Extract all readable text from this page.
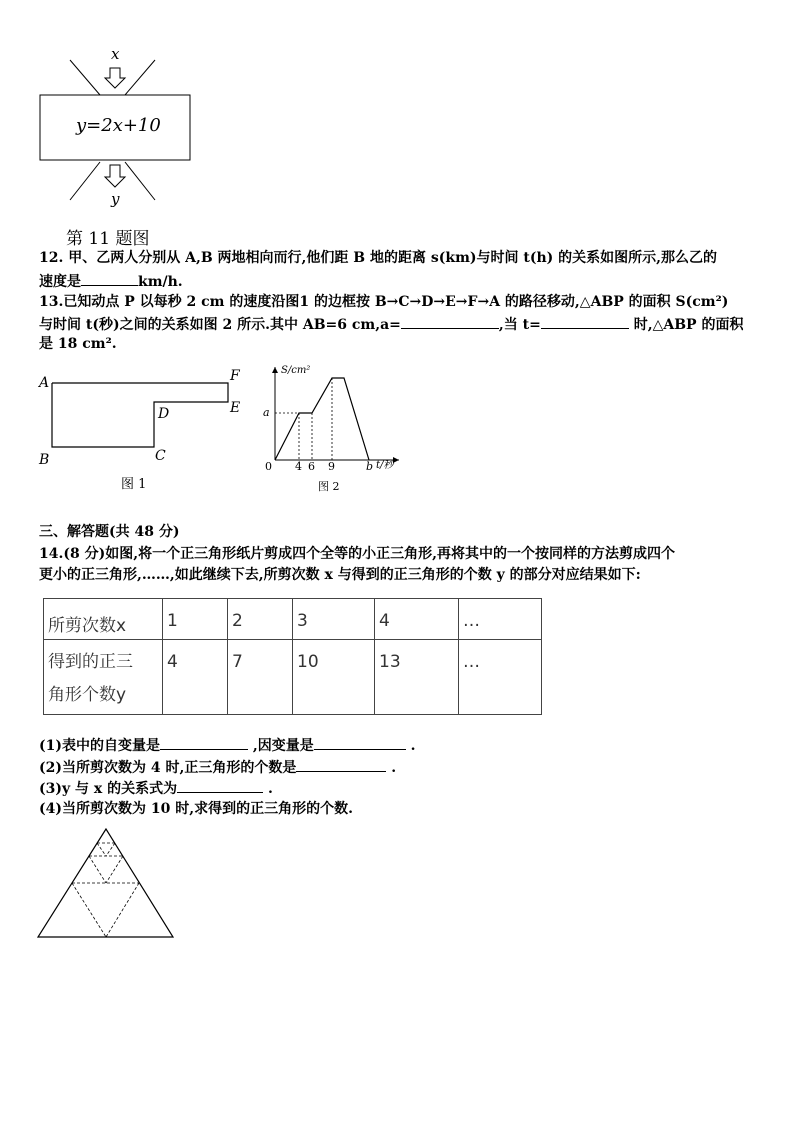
x
y=2x+10
y
第 11 题图
12. 甲、乙两人分别从 A,B 两地相向而行,他们距 B 地的距离 s(km)与时间 t(h) 的关系如图所示,那么乙的
速度是	km/h.
13.已知动点 P 以每秒 2 cm 的速度沿图1 的边框按 B→C→D→E→F→A 的路径移动,△ABP 的面积 S(cm²)
与时间 t(秒)之间的关系如图 2 所示.其中 AB=6 cm,a=	,当 t=	时,△ABP 的面积
是 18 cm².
A	F
D	E
B	C
图 1
S/cm²
t/秒
a
0 4 6 9	b
图 2
三、解答题(共 48 分)
14.(8 分)如图,将一个正三角形纸片剪成四个全等的小正三角形,再将其中的一个按同样的方法剪成四个
更小的正三角形,……,如此继续下去,所剪次数 x 与得到的正三角形的个数 y 的部分对应结果如下:
所剪次数x	1	2	3	4	…

得到的正三
角形个数y	4	7	10	13	…
(1)表中的自变量是	,因变量是	.
(2)当所剪次数为 4 时,正三角形的个数是	.
(3)y 与 x 的关系式为	.
(4)当所剪次数为 10 时,求得到的正三角形的个数.
